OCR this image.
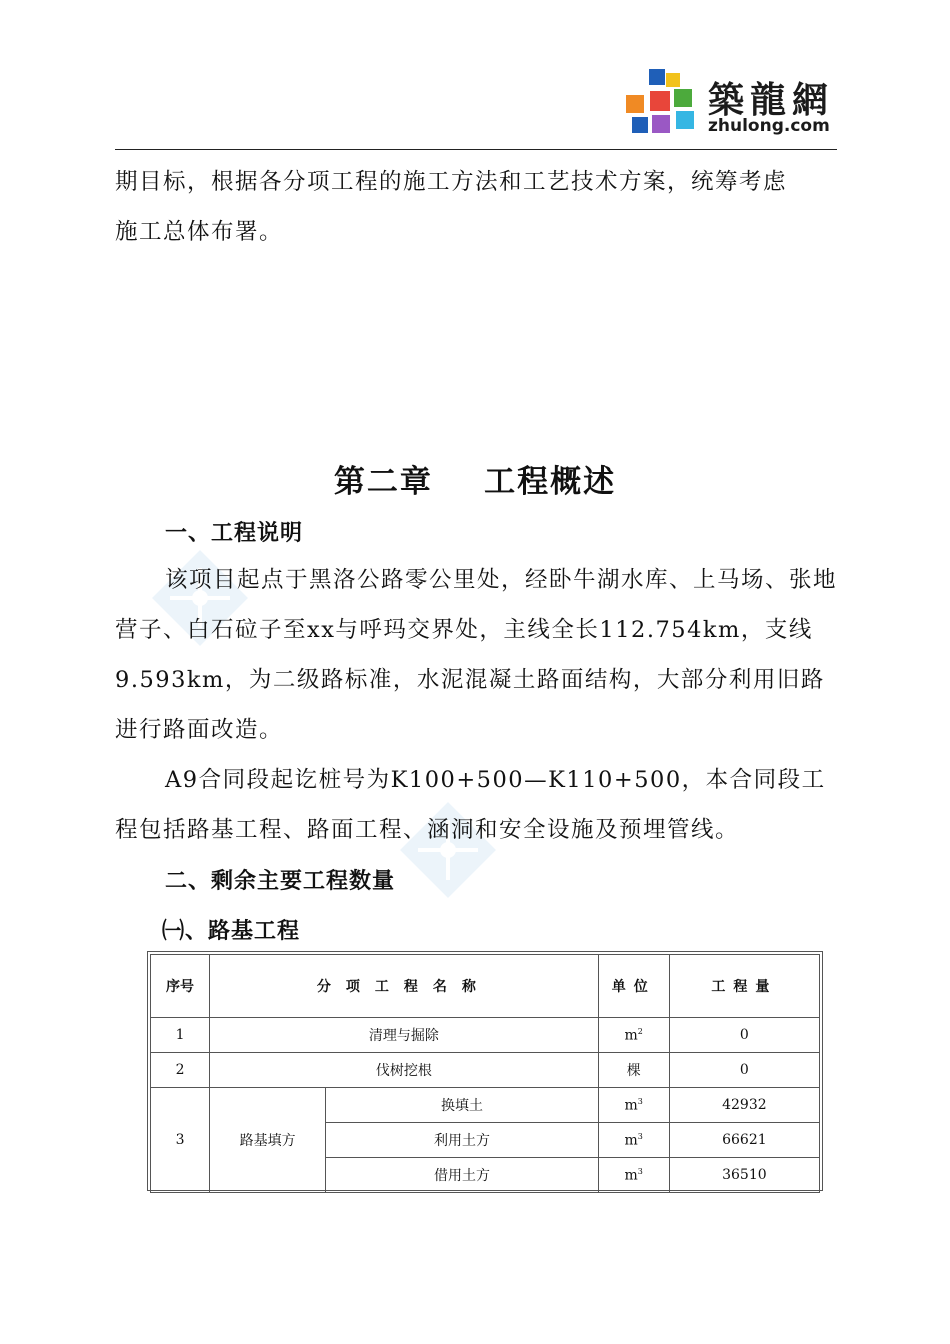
築龍網
zhulong.com

期目标，根据各分项工程的施工方法和工艺技术方案，统筹考虑

施工总体布署。

第二章    工程概述
一、工程说明

该项目起点于黑洛公路零公里处，经卧牛湖水库、上马场、张地营子、白石砬子至xx与呼玛交界处，主线全长112.754km，支线9.593km，为二级路标准，水泥混凝土路面结构，大部分利用旧路进行路面改造。

A9合同段起讫桩号为K100+500—K110+500，本合同段工程包括路基工程、路面工程、涵洞和安全设施及预埋管线。

二、剩余主要工程数量
㈠、路基工程
序号	分项工程名称		单位	工程量
1	清理与掘除		$m^2$	0
2	伐树挖根		棵	0
3	路基填方	换填土	$m^3$	42932
		利用土方	$m^3$	66621
		借用土方	$m^3$	36510
